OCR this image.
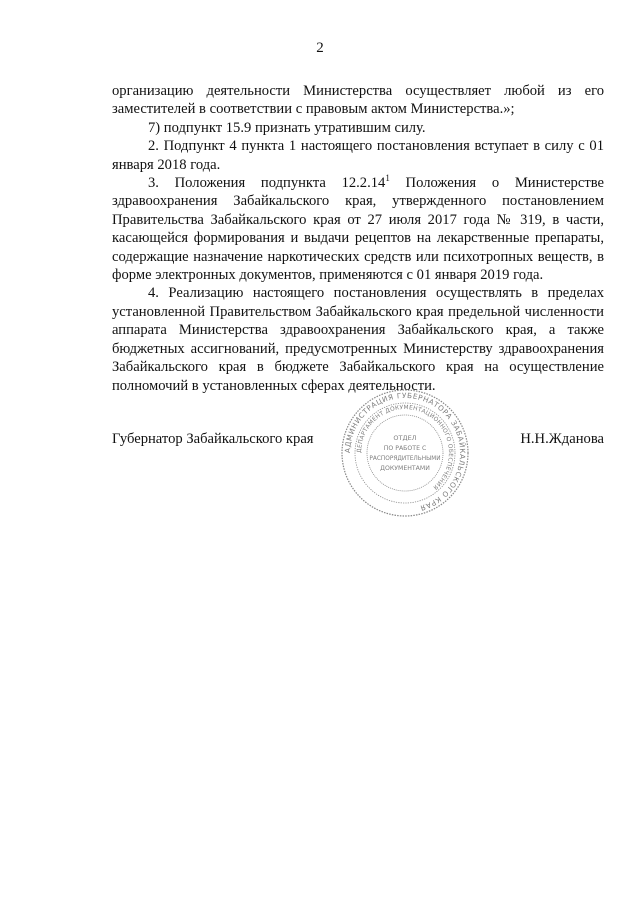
2

организацию деятельности Министерства осуществляет любой из его заместителей в соответствии с правовым актом Министерства.»;

7) подпункт 15.9 признать утратившим силу.

2. Подпункт 4 пункта 1 настоящего постановления вступает в силу с 01 января 2018 года.

3. Положения подпункта 12.2.14$^1$ Положения о Министерстве здравоохранения Забайкальского края, утвержденного постановлением Правительства Забайкальского края от 27 июля 2017 года № 319, в части, касающейся формирования и выдачи рецептов на лекарственные препараты, содержащие назначение наркотических средств или психотропных веществ, в форме электронных документов, применяются с 01 января 2019 года.

4. Реализацию настоящего постановления осуществлять в пределах установленной Правительством Забайкальского края предельной численности аппарата Министерства здравоохранения Забайкальского края, а также бюджетных ассигнований, предусмотренных Министерству здравоохранения Забайкальского края в бюджете Забайкальского края на осуществление полномочий в установленных сферах деятельности.

Губернатор Забайкальского края	Н.Н.Жданова
АДМИНИСТРАЦИЯ ГУБЕРНАТОРА ЗАБАЙКАЛЬСКОГО КРАЯ
ДЕПАРТАМЕНТ ДОКУМЕНТАЦИОННОГО ОБЕСПЕЧЕНИЯ
ОТДЕЛ
ПО РАБОТЕ С
РАСПОРЯДИТЕЛЬНЫМИ
ДОКУМЕНТАМИ
